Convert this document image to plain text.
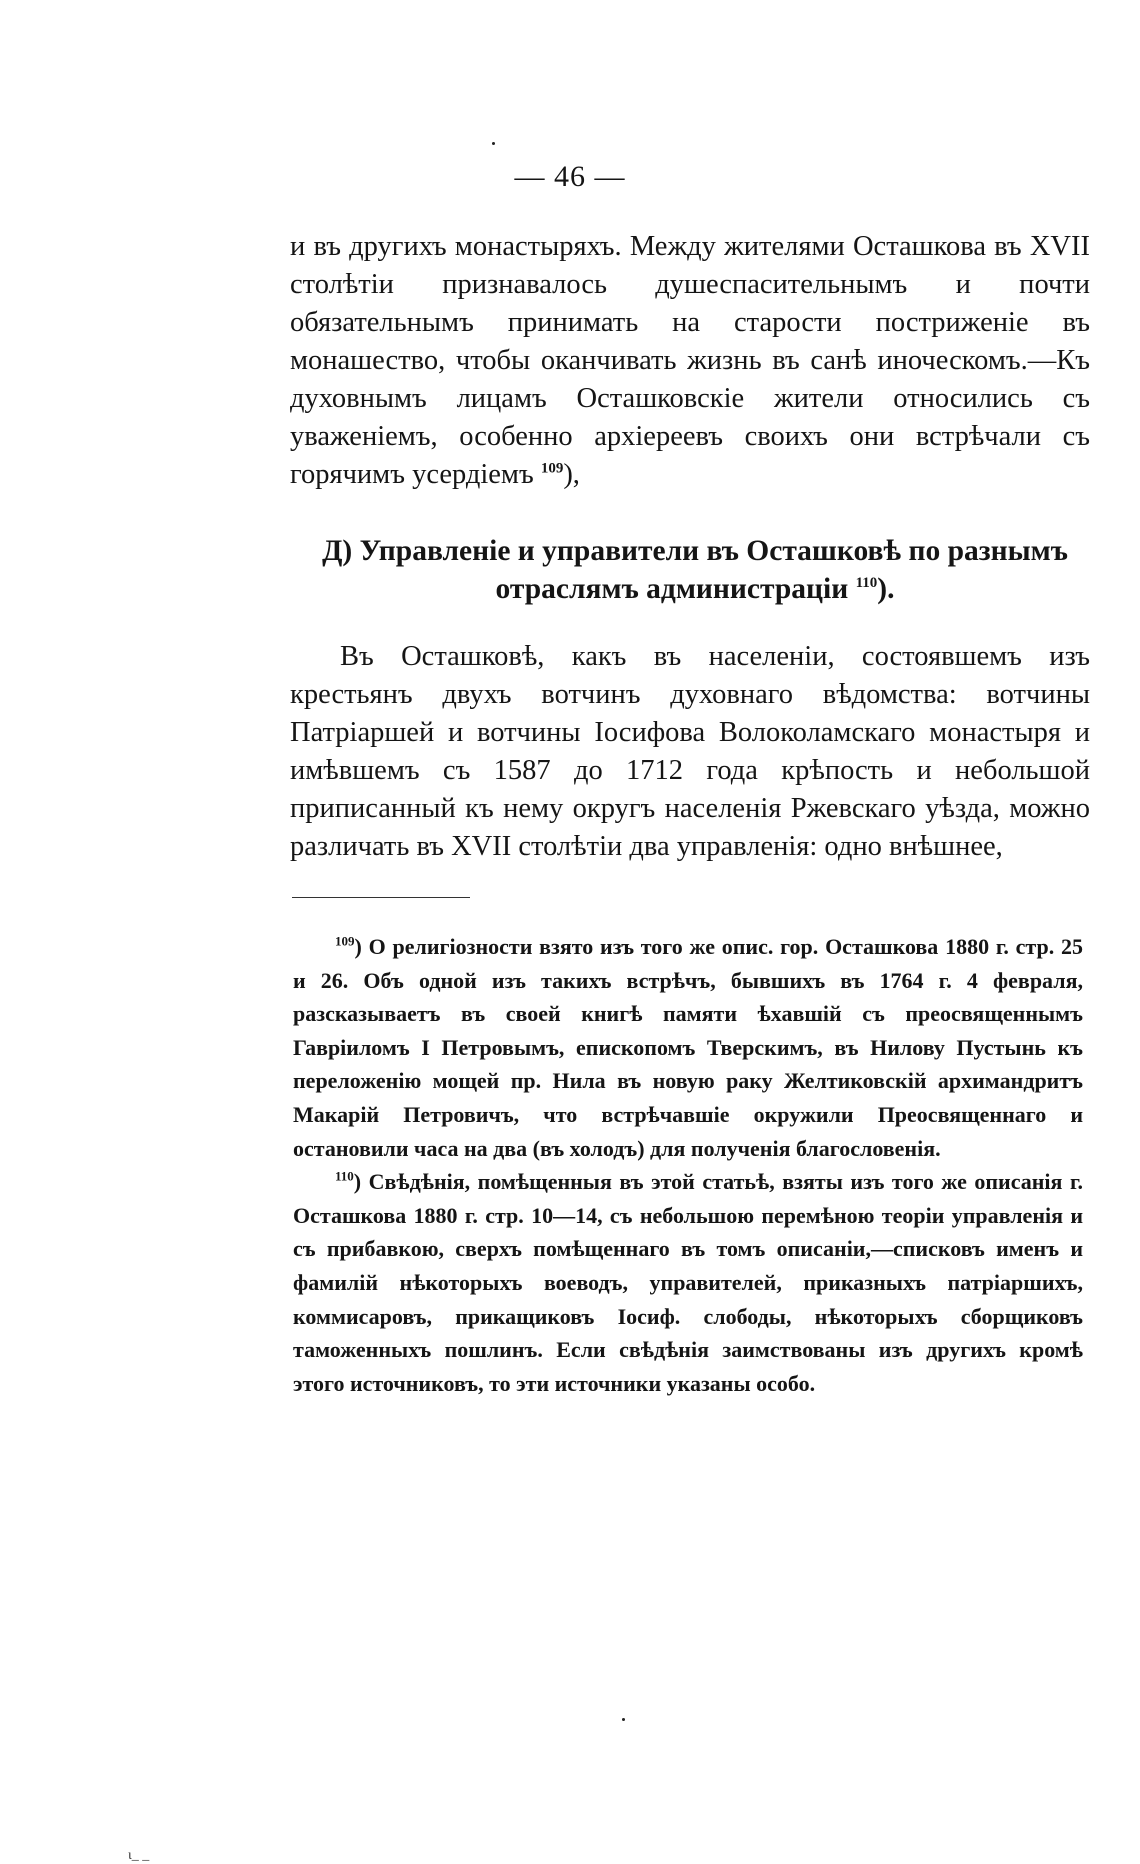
— 46 —

и въ другихъ монастыряхъ. Между жителями Осташкова въ XVII столѣтіи признавалось душеспасительнымъ и почти обязательнымъ принимать на старости постриженіе въ монашество, чтобы оканчивать жизнь въ санѣ иноческомъ.—Къ духовнымъ лицамъ Осташковскіе жители относились съ уваженіемъ, особенно архіереевъ своихъ они встрѣчали съ горячимъ усердіемъ $^{109}$),

Д) Управленіе и управители въ Осташковѣ по разнымъ отраслямъ администраціи $^{110}$).

Въ Осташковѣ, какъ въ населеніи, состоявшемъ изъ крестьянъ двухъ вотчинъ духовнаго вѣдомства: вотчины Патріаршей и вотчины Іосифова Волоколамскаго монастыря и имѣвшемъ съ 1587 до 1712 года крѣпость и небольшой приписанный къ нему округъ населенія Ржевскаго уѣзда, можно различать въ XVII столѣтіи два управленія: одно внѣшнее,

$^{109}$) О религіозности взято изъ того же опис. гор. Осташкова 1880 г. стр. 25 и 26. Объ одной изъ такихъ встрѣчъ, бывшихъ въ 1764 г. 4 февраля, разсказываетъ въ своей книгѣ памяти ѣхавшій съ преосвященнымъ Гавріиломъ I Петровымъ, епископомъ Тверскимъ, въ Нилову Пустынь къ переложенію мощей пр. Нила въ новую раку Желтиковскій архимандритъ Макарій Петровичъ, что встрѣчавшіе окружили Преосвященнаго и остановили часа на два (въ холодъ) для полученія благословенія.

$^{110}$) Свѣдѣнія, помѣщенныя въ этой статьѣ, взяты изъ того же описанія г. Осташкова 1880 г. стр. 10—14, съ небольшою перемѣною теоріи управленія и съ прибавкою, сверхъ помѣщеннаго въ томъ описаніи,—списковъ именъ и фамилій нѣкоторыхъ воеводъ, управителей, приказныхъ патріаршихъ, коммисаровъ, прикащиковъ Іосиф. слободы, нѣкоторыхъ сборщиковъ таможенныхъ пошлинъ. Если свѣдѣнія заимствованы изъ другихъ кромѣ этого источниковъ, то эти источники указаны особо.

ι_ _
